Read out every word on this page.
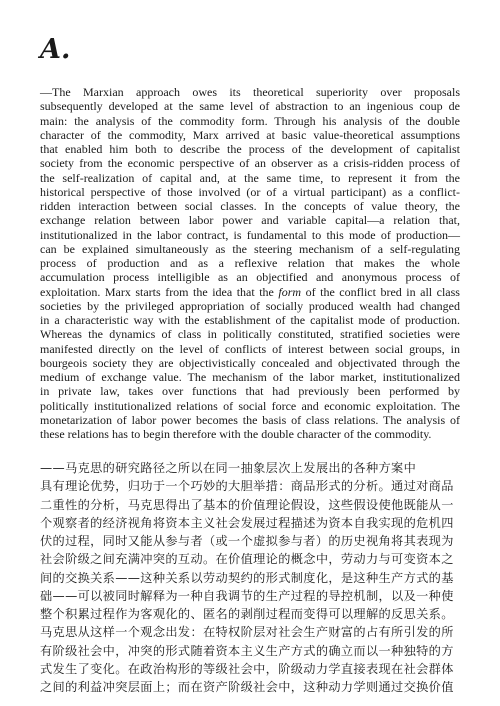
A.
—The Marxian approach owes its theoretical superiority over proposals
subsequently developed at the same level of abstraction to an ingenious coup de
main: the analysis of the commodity form. Through his analysis of the double
character of the commodity, Marx arrived at basic value-theoretical assumptions
that enabled him both to describe the process of the development of capitalist
society from the economic perspective of an observer as a crisis-ridden process of
the self-realization of capital and, at the same time, to represent it from the
historical perspective of those involved (or of a virtual participant) as a conflict-
ridden interaction between social classes. In the concepts of value theory, the
exchange relation between labor power and variable capital—a relation that,
institutionalized in the labor contract, is fundamental to this mode of production—
can be explained simultaneously as the steering mechanism of a self-regulating
process of production and as a reflexive relation that makes the whole
accumulation process intelligible as an objectified and anonymous process of
exploitation. Marx starts from the idea that the form of the conflict bred in all class
societies by the privileged appropriation of socially produced wealth had changed
in a characteristic way with the establishment of the capitalist mode of production.
Whereas the dynamics of class in politically constituted, stratified societies were
manifested directly on the level of conflicts of interest between social groups, in
bourgeois society they are objectivistically concealed and objectivated through the
medium of exchange value. The mechanism of the labor market, institutionalized
in private law, takes over functions that had previously been performed by
politically institutionalized relations of social force and economic exploitation. The
monetarization of labor power becomes the basis of class relations. The analysis of
these relations has to begin therefore with the double character of the commodity.
——马克思的研究路径之所以在同一抽象层次上发展出的各种方案中
具有理论优势，归功于一个巧妙的大胆举措：商品形式的分析。通过对商品
二重性的分析，马克思得出了基本的价值理论假设，这些假设使他既能从一
个观察者的经济视角将资本主义社会发展过程描述为资本自我实现的危机四
伏的过程，同时又能从参与者（或一个虚拟参与者）的历史视角将其表现为
社会阶级之间充满冲突的互动。在价值理论的概念中，劳动力与可变资本之
间的交换关系——这种关系以劳动契约的形式制度化，是这种生产方式的基
础——可以被同时解释为一种自我调节的生产过程的导控机制，以及一种使
整个积累过程作为客观化的、匿名的剥削过程而变得可以理解的反思关系。
马克思从这样一个观念出发：在特权阶层对社会生产财富的占有所引发的所
有阶级社会中，冲突的形式随着资本主义生产方式的确立而以一种独特的方
式发生了变化。在政治构形的等级社会中，阶级动力学直接表现在社会群体
之间的利益冲突层面上；而在资产阶级社会中，这种动力学则通过交换价值
